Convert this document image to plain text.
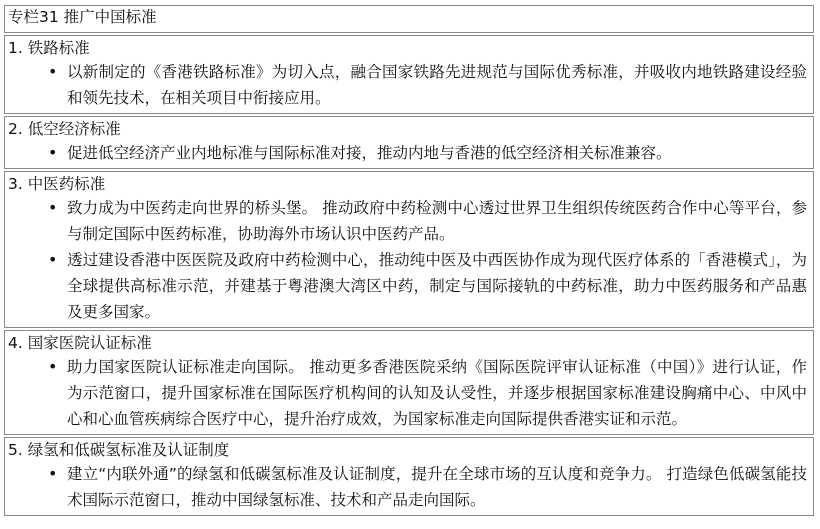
专栏31 推广中国标准

1. 铁路标准
• 以新制定的《香港铁路标准》为切入点，融合国家铁路先进规范与国际优秀标准，并吸收内地铁路建设经验和领先技术，在相关项目中衔接应用。

2. 低空经济标准
• 促进低空经济产业内地标准与国际标准对接，推动内地与香港的低空经济相关标准兼容。

3. 中医药标准
• 致力成为中医药走向世界的桥头堡。 推动政府中药检测中心透过世界卫生组织传统医药合作中心等平台，参与制定国际中医药标准，协助海外市场认识中医药产品。
• 透过建设香港中医医院及政府中药检测中心，推动纯中医及中西医协作成为现代医疗体系的「香港模式」，为全球提供高标准示范，并建基于粤港澳大湾区中药，制定与国际接轨的中药标准，助力中医药服务和产品惠及更多国家。

4. 国家医院认证标准
• 助力国家医院认证标准走向国际。 推动更多香港医院采纳《国际医院评审认证标准（中国）》进行认证，作为示范窗口，提升国家标准在国际医疗机构间的认知及认受性，并逐步根据国家标准建设胸痛中心、中风中心和心血管疾病综合医疗中心，提升治疗成效，为国家标准走向国际提供香港实证和示范。

5. 绿氢和低碳氢标准及认证制度
• 建立“内联外通”的绿氢和低碳氢标准及认证制度，提升在全球市场的互认度和竞争力。 打造绿色低碳氢能技术国际示范窗口，推动中国绿氢标准、技术和产品走向国际。
